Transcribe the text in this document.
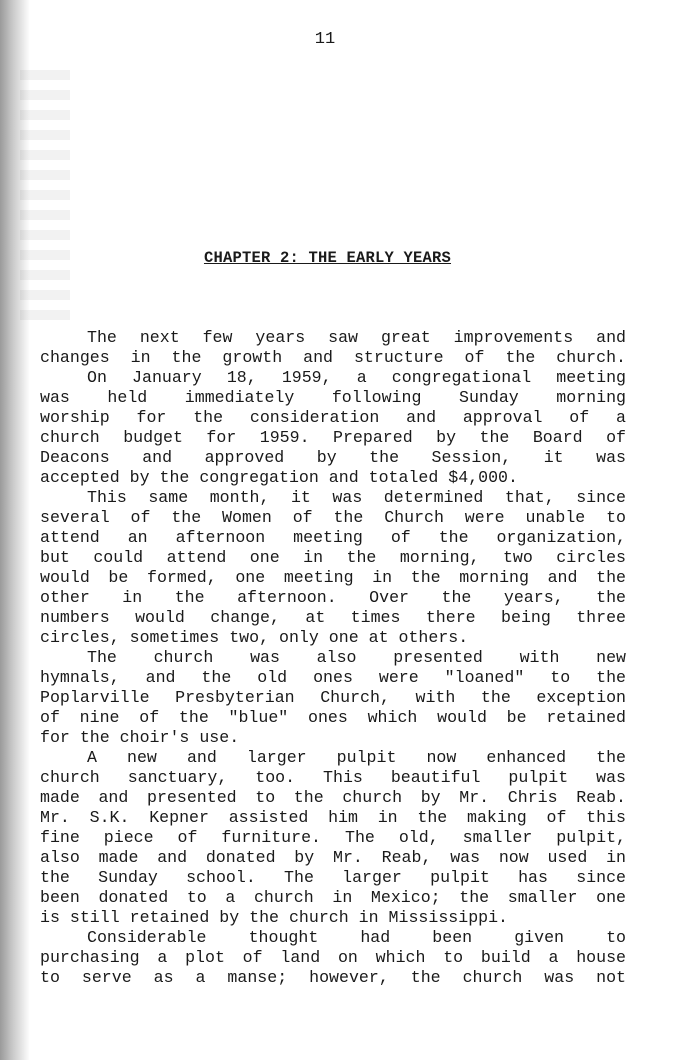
11
CHAPTER 2: THE EARLY YEARS
The next few years saw great improvements and
changes in the growth and structure of the church.
On January 18, 1959, a congregational meeting
was held immediately following Sunday morning
worship for the consideration and approval of a
church budget for 1959. Prepared by the Board of
Deacons and approved by the Session, it was
accepted by the congregation and totaled $4,000.
This same month, it was determined that, since
several of the Women of the Church were unable to
attend an afternoon meeting of the organization,
but could attend one in the morning, two circles
would be formed, one meeting in the morning and the
other in the afternoon. Over the years, the
numbers would change, at times there being three
circles, sometimes two, only one at others.
The church was also presented with new
hymnals, and the old ones were "loaned" to the
Poplarville Presbyterian Church, with the exception
of nine of the "blue" ones which would be retained
for the choir's use.
A new and larger pulpit now enhanced the
church sanctuary, too. This beautiful pulpit was
made and presented to the church by Mr. Chris Reab.
Mr. S.K. Kepner assisted him in the making of this
fine piece of furniture. The old, smaller pulpit,
also made and donated by Mr. Reab, was now used in
the Sunday school. The larger pulpit has since
been donated to a church in Mexico; the smaller one
is still retained by the church in Mississippi.
Considerable thought had been given to
purchasing a plot of land on which to build a house
to serve as a manse; however, the church was not
